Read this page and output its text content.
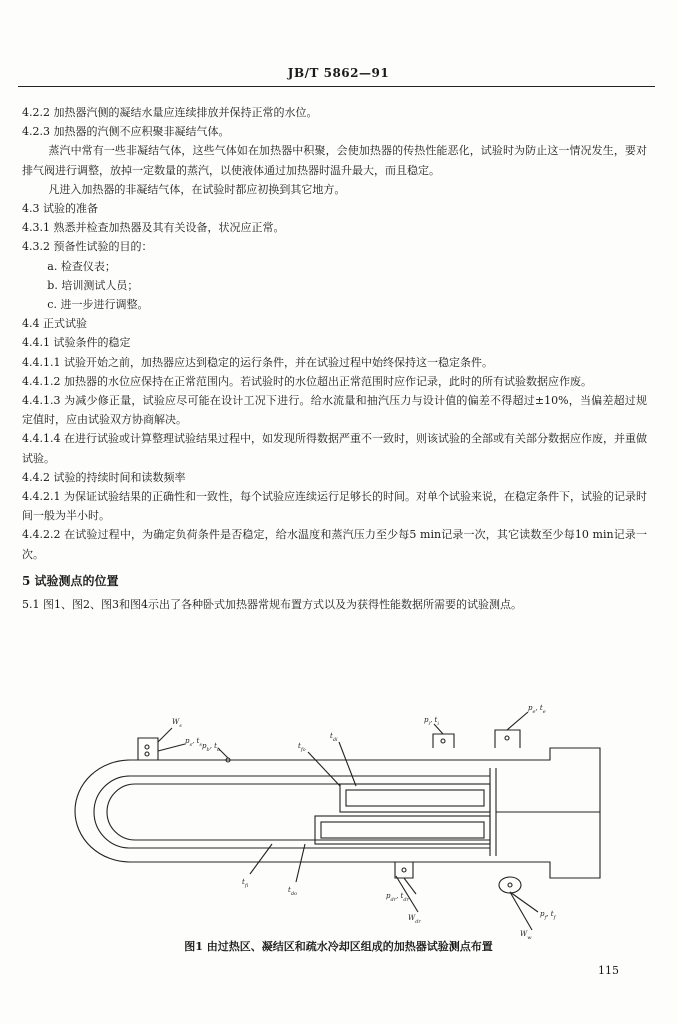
JB/T 5862—91

4.2.2 加热器汽侧的凝结水量应连续排放并保持正常的水位。

4.2.3 加热器的汽侧不应积聚非凝结气体。

蒸汽中常有一些非凝结气体，这些气体如在加热器中积聚，会使加热器的传热性能恶化，试验时为防止这一情况发生，要对排气阀进行调整，放掉一定数量的蒸汽，以使液体通过加热器时温升最大，而且稳定。

凡进入加热器的非凝结气体，在试验时都应初换到其它地方。

4.3 试验的准备

4.3.1 熟悉并检查加热器及其有关设备，状况应正常。

4.3.2 预备性试验的目的：

a. 检查仪表；

b. 培训测试人员；

c. 进一步进行调整。

4.4 正式试验

4.4.1 试验条件的稳定

4.4.1.1 试验开始之前，加热器应达到稳定的运行条件，并在试验过程中始终保持这一稳定条件。

4.4.1.2 加热器的水位应保持在正常范围内。若试验时的水位超出正常范围时应作记录，此时的所有试验数据应作废。

4.4.1.3 为减少修正量，试验应尽可能在设计工况下进行。给水流量和抽汽压力与设计值的偏差不得超过±10%，当偏差超过规定值时，应由试验双方协商解决。

4.4.1.4 在进行试验或计算整理试验结果过程中，如发现所得数据严重不一致时，则该试验的全部或有关部分数据应作废，并重做试验。

4.4.2 试验的持续时间和读数频率

4.4.2.1 为保证试验结果的正确性和一致性，每个试验应连续运行足够长的时间。对单个试验来说，在稳定条件下，试验的记录时间一般为半小时。

4.4.2.2 在试验过程中，为确定负荷条件是否稳定，给水温度和蒸汽压力至少每5 min记录一次，其它读数至少每10 min记录一次。

5 试验测点的位置

5.1 图1、图2、图3和图4示出了各种卧式加热器常规布置方式以及为获得性能数据所需要的试验测点。

$W_s$
$p_s$, $t_s$ $p_b$, $t_b$	$t_{fo}$
$t_{di}$
$p_i$, $t_i$
$p_e$, $t_e$
$t_{fi}$	$t_{do}$	$p_{dr}$, $t_{dr}$
$W_{dr}$
$p_f$, $t_f$
$W_w$
图1 由过热区、凝结区和疏水冷却区组成的加热器试验测点布置
115
